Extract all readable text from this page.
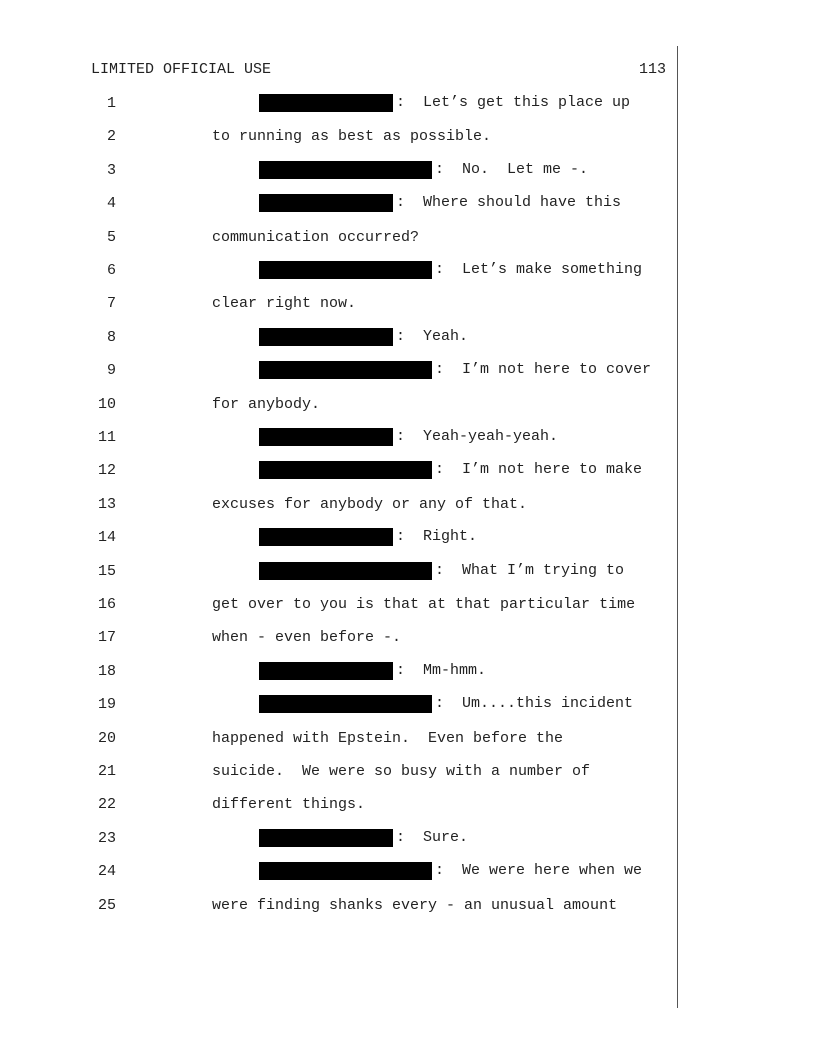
LIMITED OFFICIAL USE	113
1	:  Let’s get this place up
2	to running as best as possible.
3	:  No.  Let me -.
4	:  Where should have this
5	communication occurred?
6	:  Let’s make something
7	clear right now.
8	:  Yeah.
9	:  I’m not here to cover
10	for anybody.
11	:  Yeah-yeah-yeah.
12	:  I’m not here to make
13	excuses for anybody or any of that.
14	:  Right.
15	:  What I’m trying to
16	get over to you is that at that particular time
17	when - even before -.
18	:  Mm-hmm.
19	:  Um....this incident
20	happened with Epstein.  Even before the
21	suicide.  We were so busy with a number of
22	different things.
23	:  Sure.
24	:  We were here when we
25	were finding shanks every - an unusual amount
